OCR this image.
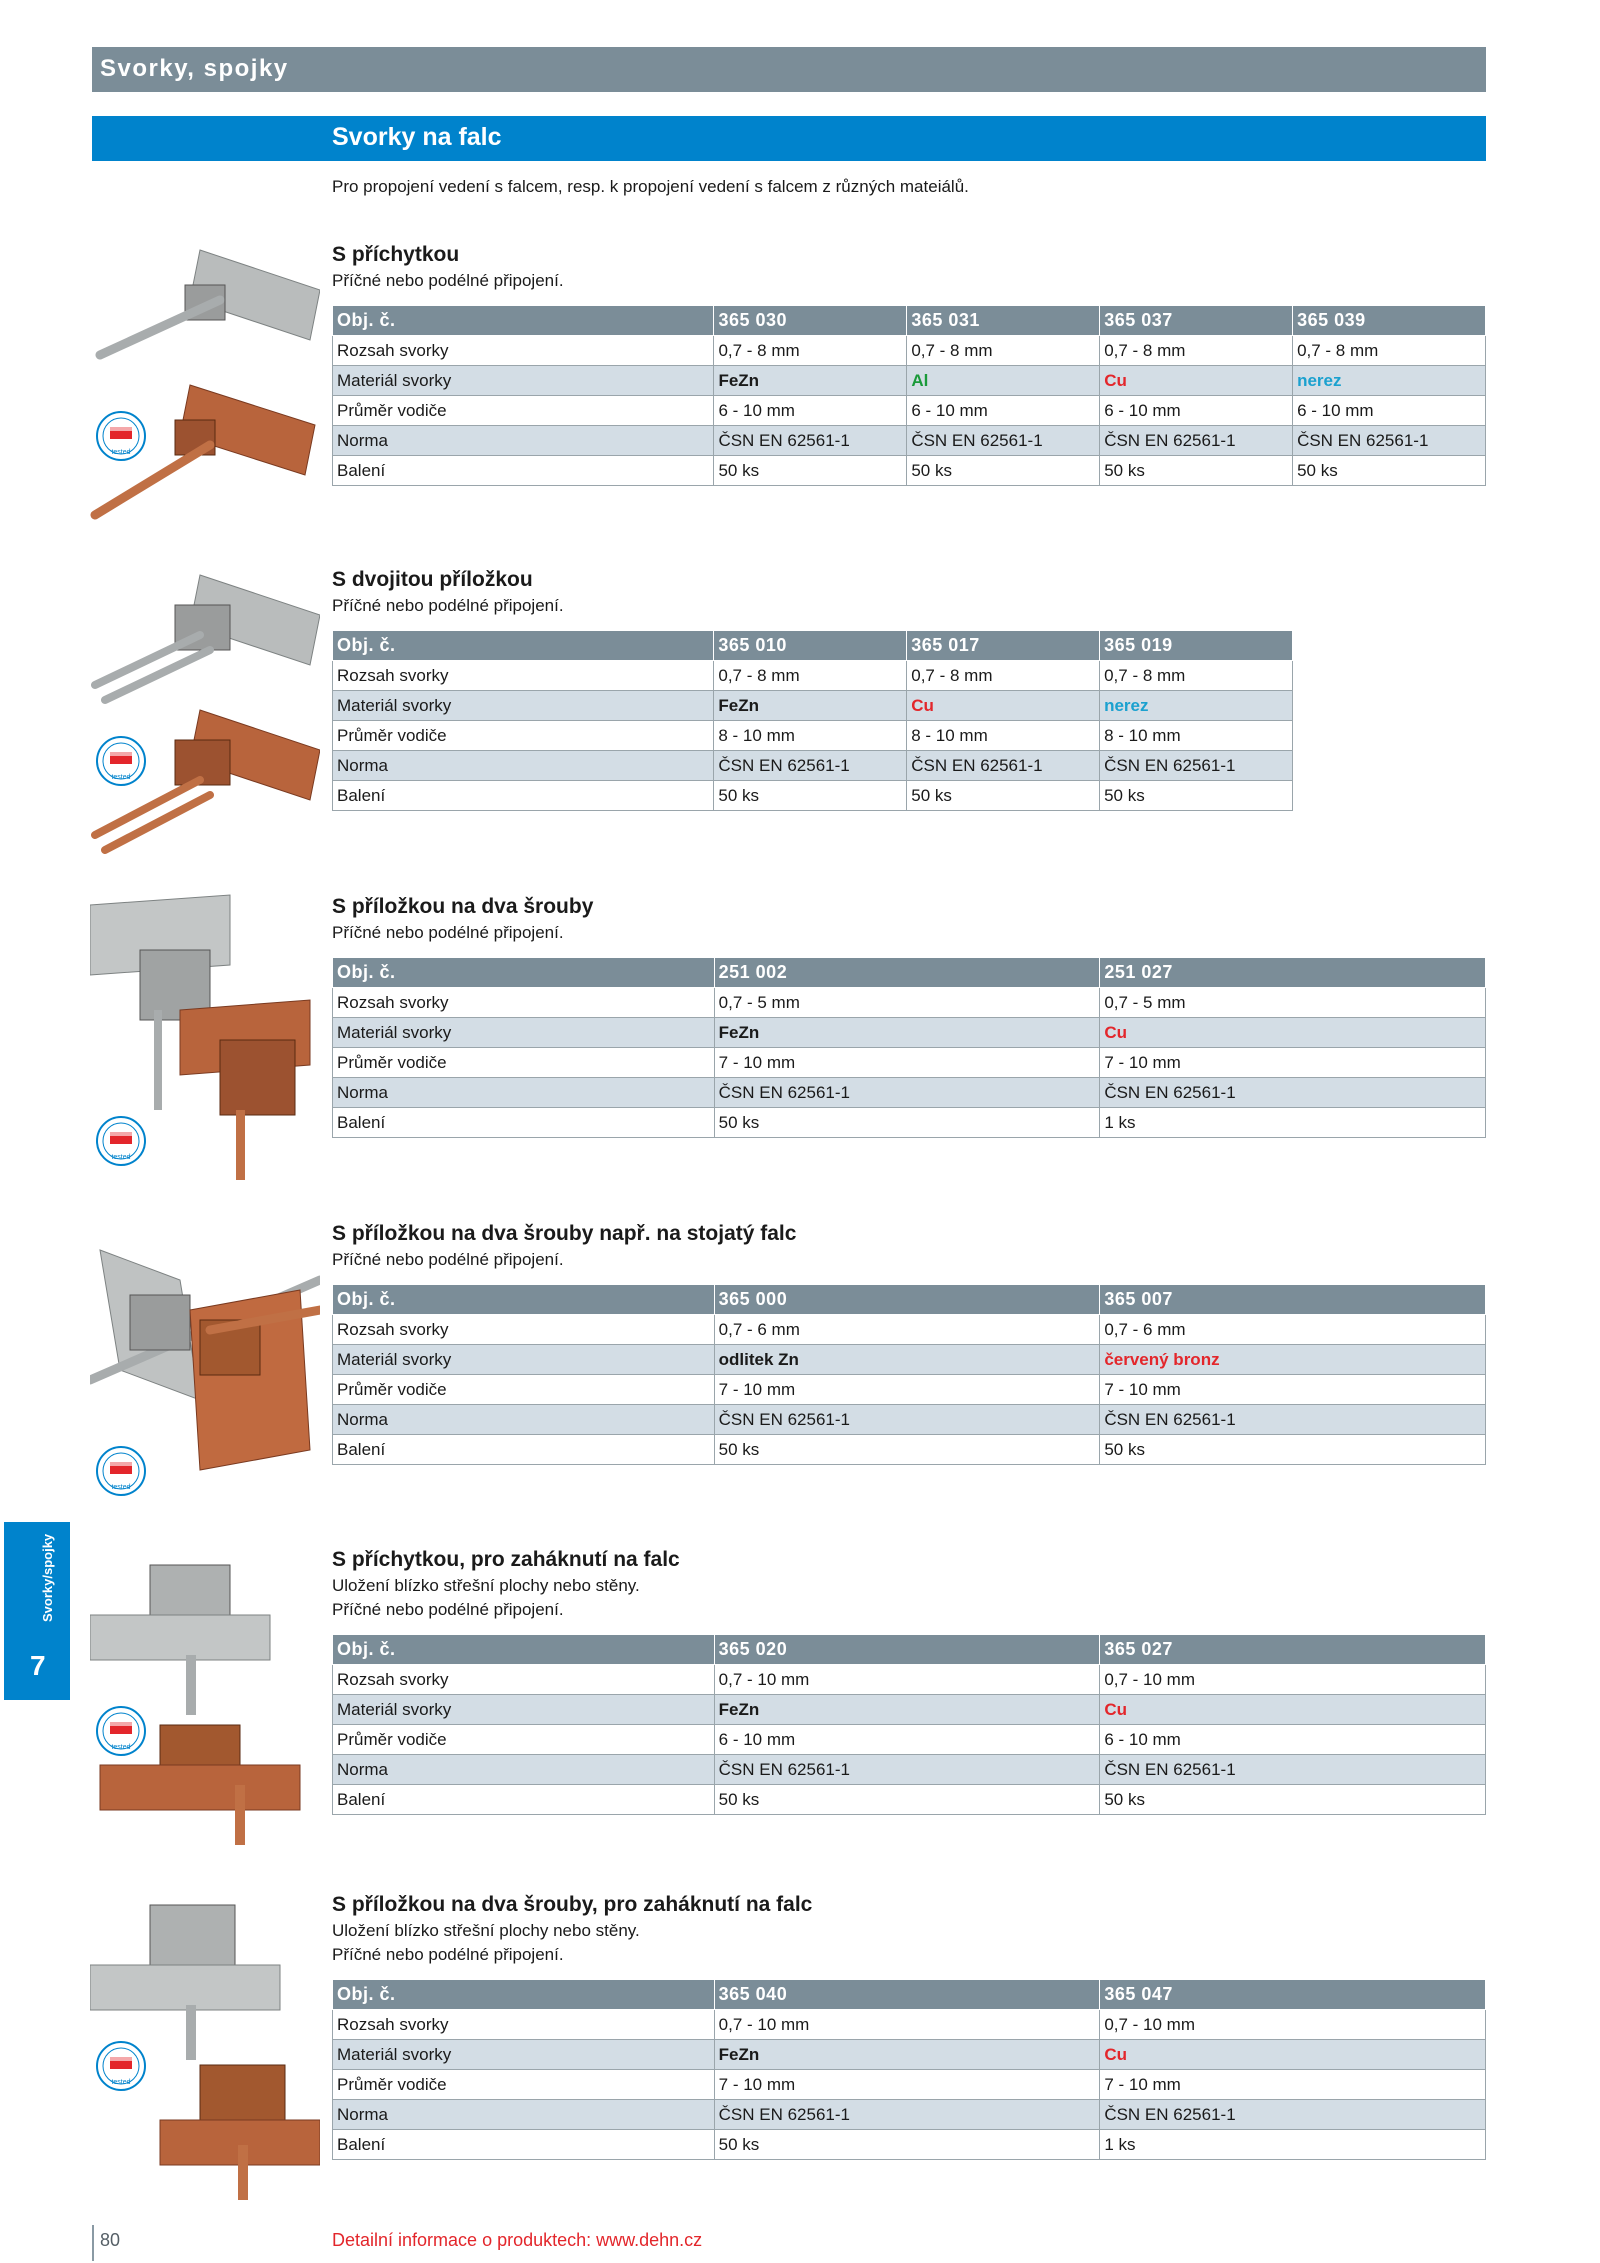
Svorky, spojky
Svorky na falc
Pro propojení vedení s falcem, resp. k propojení vedení s falcem z různých mateiálů.
S příchytkou
Příčné nebo podélné připojení.
Obj. č.	365 030	365 031	365 037	365 039
Rozsah svorky	0,7 - 8 mm	0,7 - 8 mm	0,7 - 8 mm	0,7 - 8 mm
Materiál svorky	FeZn	Al	Cu	nerez
Průměr vodiče	6 - 10 mm	6 - 10 mm	6 - 10 mm	6 - 10 mm
Norma	ČSN EN 62561-1	ČSN EN 62561-1	ČSN EN 62561-1	ČSN EN 62561-1
Balení	50 ks	50 ks	50 ks	50 ks
tested
S dvojitou příložkou
Příčné nebo podélné připojení.
Obj. č.	365 010	365 017	365 019
Rozsah svorky	0,7 - 8 mm	0,7 - 8 mm	0,7 - 8 mm
Materiál svorky	FeZn	Cu	nerez
Průměr vodiče	8 - 10 mm	8 - 10 mm	8 - 10 mm
Norma	ČSN EN 62561-1	ČSN EN 62561-1	ČSN EN 62561-1
Balení	50 ks	50 ks	50 ks
tested
S příložkou na dva šrouby
Příčné nebo podélné připojení.
Obj. č.	251 002	251 027
Rozsah svorky	0,7 - 5 mm	0,7 - 5 mm
Materiál svorky	FeZn	Cu
Průměr vodiče	7 - 10 mm	7 - 10 mm
Norma	ČSN EN 62561-1	ČSN EN 62561-1
Balení	50 ks	1 ks
tested
S příložkou na dva šrouby např. na stojatý falc
Příčné nebo podélné připojení.
Obj. č.	365 000	365 007
Rozsah svorky	0,7 - 6 mm	0,7 - 6 mm
Materiál svorky	odlitek Zn	červený bronz
Průměr vodiče	7 - 10 mm	7 - 10 mm
Norma	ČSN EN 62561-1	ČSN EN 62561-1
Balení	50 ks	50 ks
tested
S příchytkou, pro zaháknutí na falc
Uložení blízko střešní plochy nebo stěny.
Příčné nebo podélné připojení.
Obj. č.	365 020	365 027
Rozsah svorky	0,7 - 10 mm	0,7 - 10 mm
Materiál svorky	FeZn	Cu
Průměr vodiče	6 - 10 mm	6 - 10 mm
Norma	ČSN EN 62561-1	ČSN EN 62561-1
Balení	50 ks	50 ks
tested
S příložkou na dva šrouby, pro zaháknutí na falc
Uložení blízko střešní plochy nebo stěny.
Příčné nebo podélné připojení.
Obj. č.	365 040	365 047
Rozsah svorky	0,7 - 10 mm	0,7 - 10 mm
Materiál svorky	FeZn	Cu
Průměr vodiče	7 - 10 mm	7 - 10 mm
Norma	ČSN EN 62561-1	ČSN EN 62561-1
Balení	50 ks	1 ks
tested
Svorky/spojky
7
80	Detailní informace o produktech: www.dehn.cz
